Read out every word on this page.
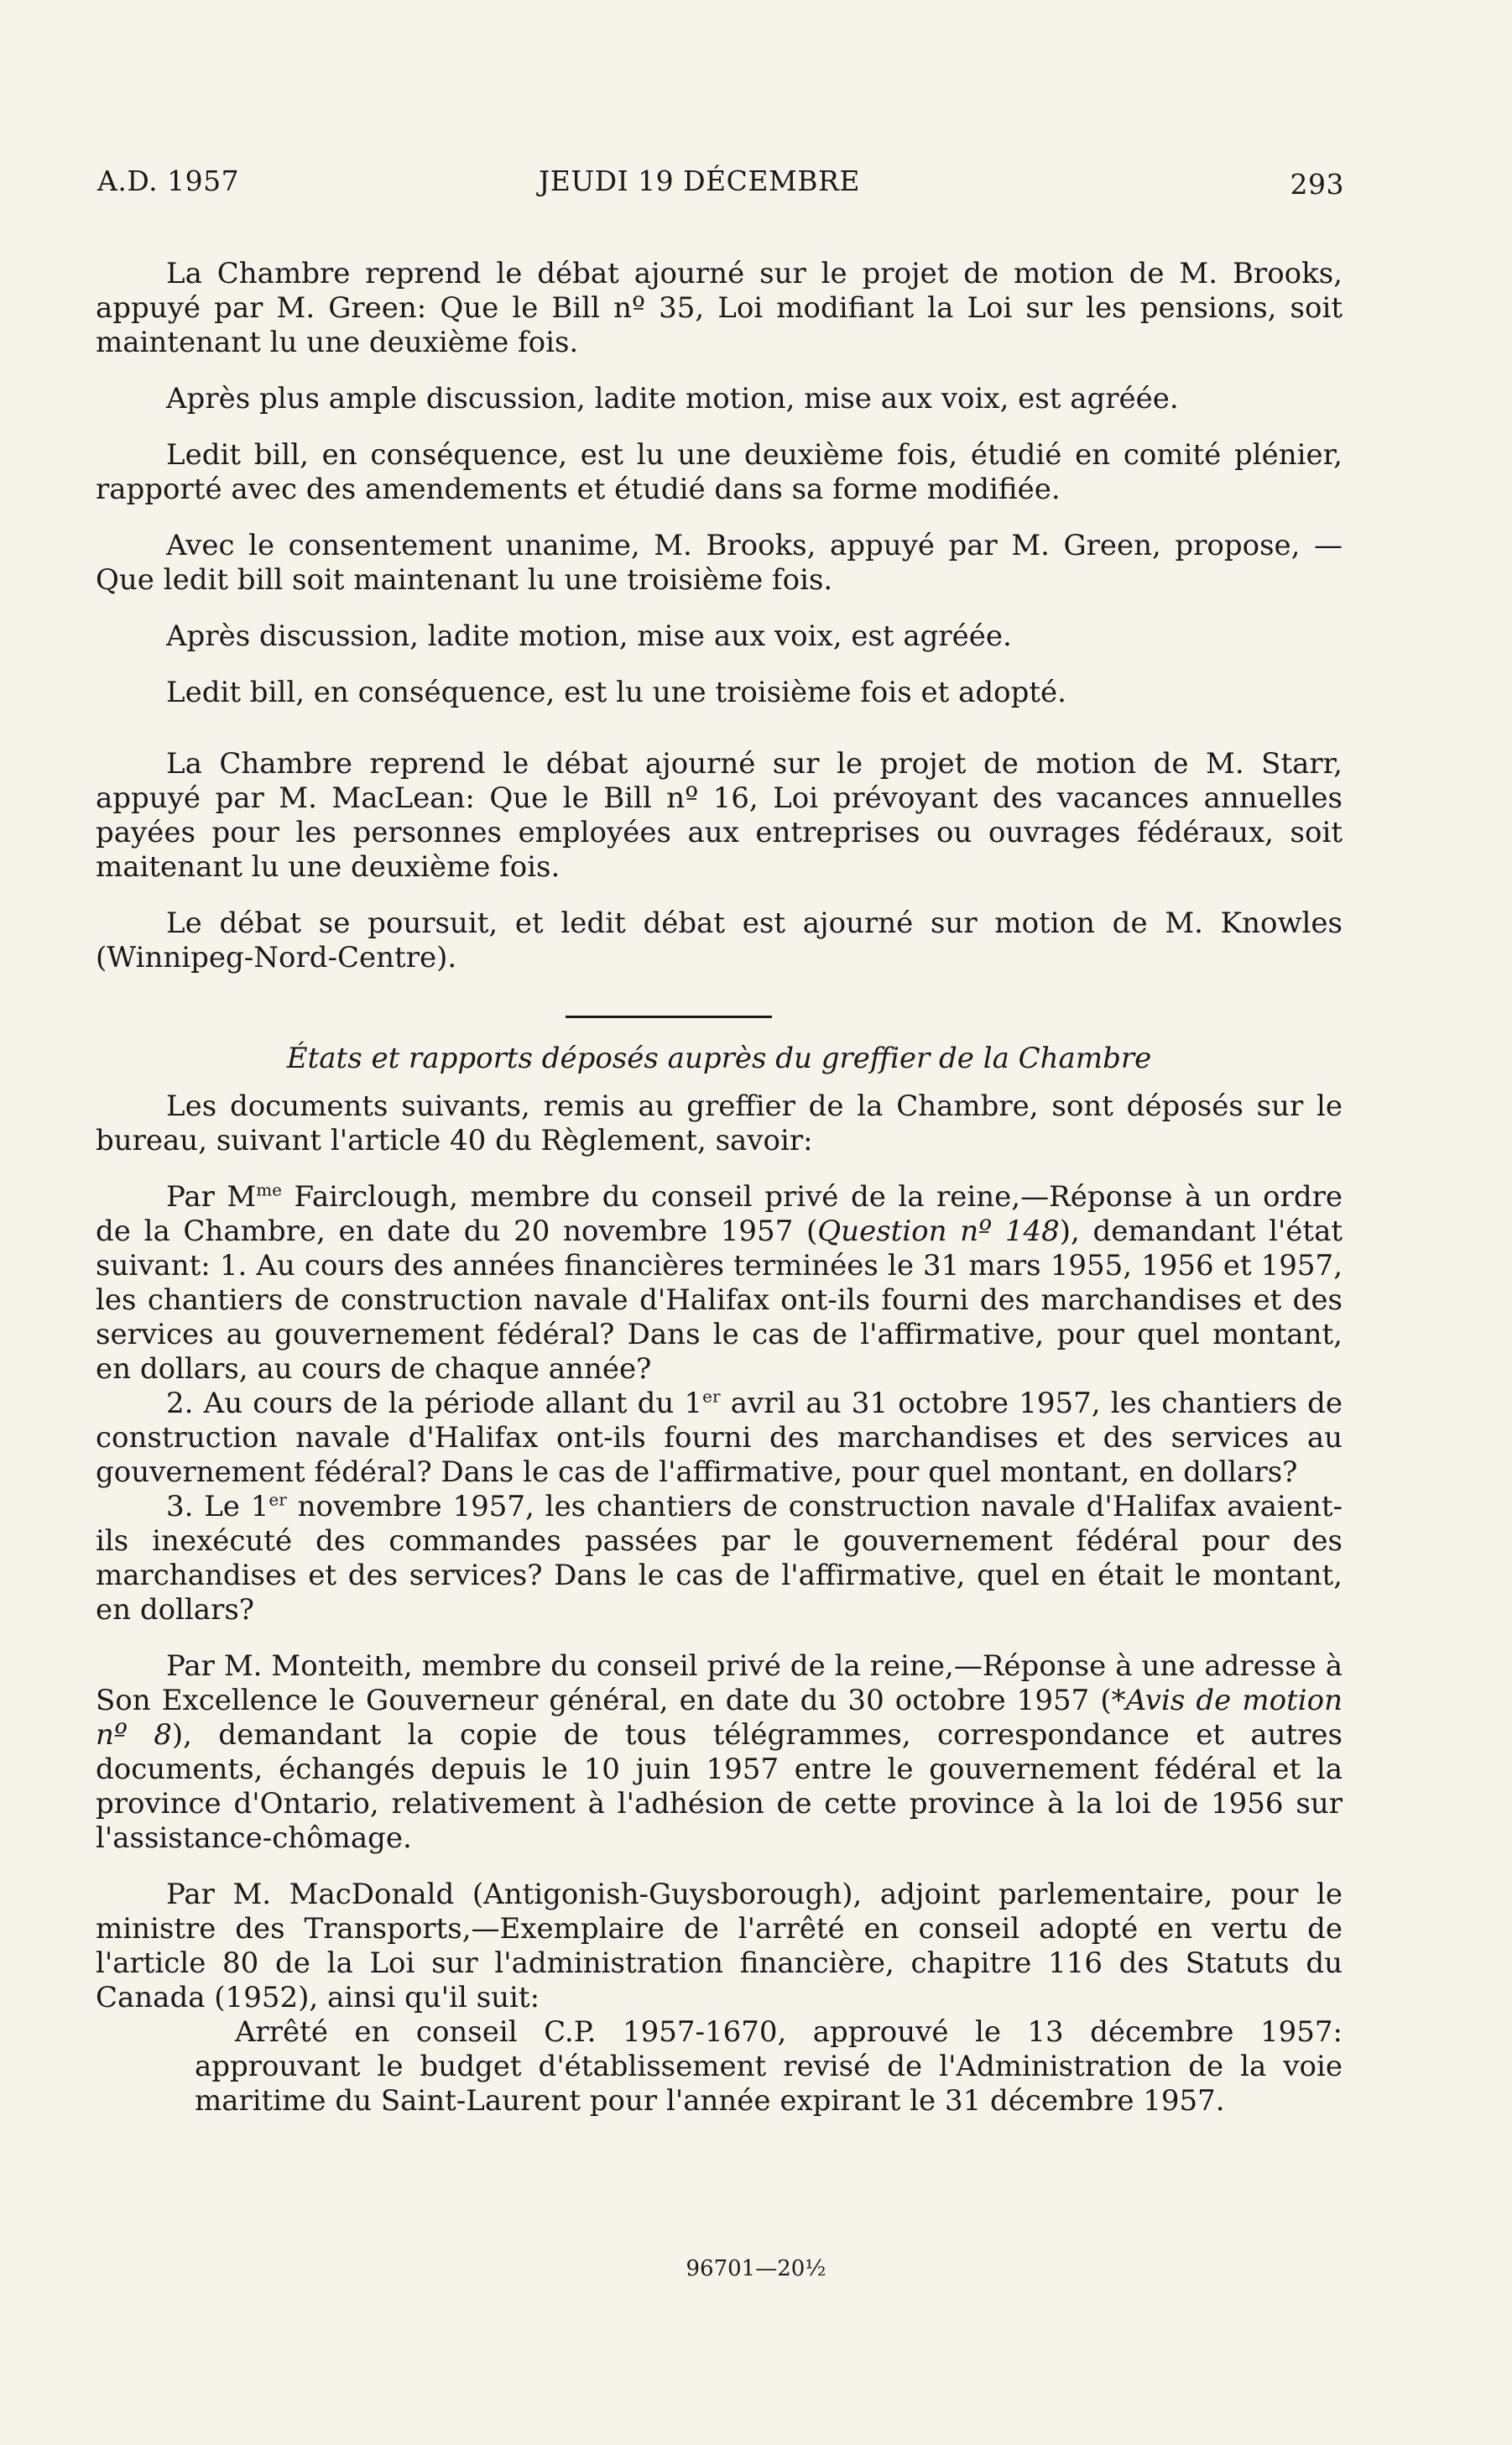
A.D. 1957	JEUDI 19 DÉCEMBRE	293

La Chambre reprend le débat ajourné sur le projet de motion de M. Brooks, appuyé par M. Green: Que le Bill nº 35, Loi modifiant la Loi sur les pensions, soit maintenant lu une deuxième fois.

Après plus ample discussion, ladite motion, mise aux voix, est agréée.

Ledit bill, en conséquence, est lu une deuxième fois, étudié en comité plénier, rapporté avec des amendements et étudié dans sa forme modifiée.

Avec le consentement unanime, M. Brooks, appuyé par M. Green, propose, —Que ledit bill soit maintenant lu une troisième fois.

Après discussion, ladite motion, mise aux voix, est agréée.

Ledit bill, en conséquence, est lu une troisième fois et adopté.

La Chambre reprend le débat ajourné sur le projet de motion de M. Starr, appuyé par M. MacLean: Que le Bill nº 16, Loi prévoyant des vacances annuelles payées pour les personnes employées aux entreprises ou ouvrages fédéraux, soit maitenant lu une deuxième fois.

Le débat se poursuit, et ledit débat est ajourné sur motion de M. Knowles (Winnipeg-Nord-Centre).

États et rapports déposés auprès du greffier de la Chambre

Les documents suivants, remis au greffier de la Chambre, sont déposés sur le bureau, suivant l'article 40 du Règlement, savoir:

Par $M^{me}$ Fairclough, membre du conseil privé de la reine,—Réponse à un ordre de la Chambre, en date du 20 novembre 1957 (Question nº 148), demandant l'état suivant: 1. Au cours des années financières terminées le 31 mars 1955, 1956 et 1957, les chantiers de construction navale d'Halifax ont-ils fourni des marchandises et des services au gouvernement fédéral? Dans le cas de l'affirmative, pour quel montant, en dollars, au cours de chaque année?

2. Au cours de la période allant du 1er avril au 31 octobre 1957, les chantiers de construction navale d'Halifax ont-ils fourni des marchandises et des services au gouvernement fédéral? Dans le cas de l'affirmative, pour quel montant, en dollars?

3. Le 1er novembre 1957, les chantiers de construction navale d'Halifax avaient-ils inexécuté des commandes passées par le gouvernement fédéral pour des marchandises et des services? Dans le cas de l'affirmative, quel en était le montant, en dollars?

Par M. Monteith, membre du conseil privé de la reine,—Réponse à une adresse à Son Excellence le Gouverneur général, en date du 30 octobre 1957 (*Avis de motion nº 8), demandant la copie de tous télégrammes, correspondance et autres documents, échangés depuis le 10 juin 1957 entre le gouvernement fédéral et la province d'Ontario, relativement à l'adhésion de cette province à la loi de 1956 sur l'assistance-chômage.

Par M. MacDonald (Antigonish-Guysborough), adjoint parlementaire, pour le ministre des Transports,—Exemplaire de l'arrêté en conseil adopté en vertu de l'article 80 de la Loi sur l'administration financière, chapitre 116 des Statuts du Canada (1952), ainsi qu'il suit:

Arrêté en conseil C.P. 1957-1670, approuvé le 13 décembre 1957: approuvant le budget d'établissement revisé de l'Administration de la voie maritime du Saint-Laurent pour l'année expirant le 31 décembre 1957.

96701—20½
